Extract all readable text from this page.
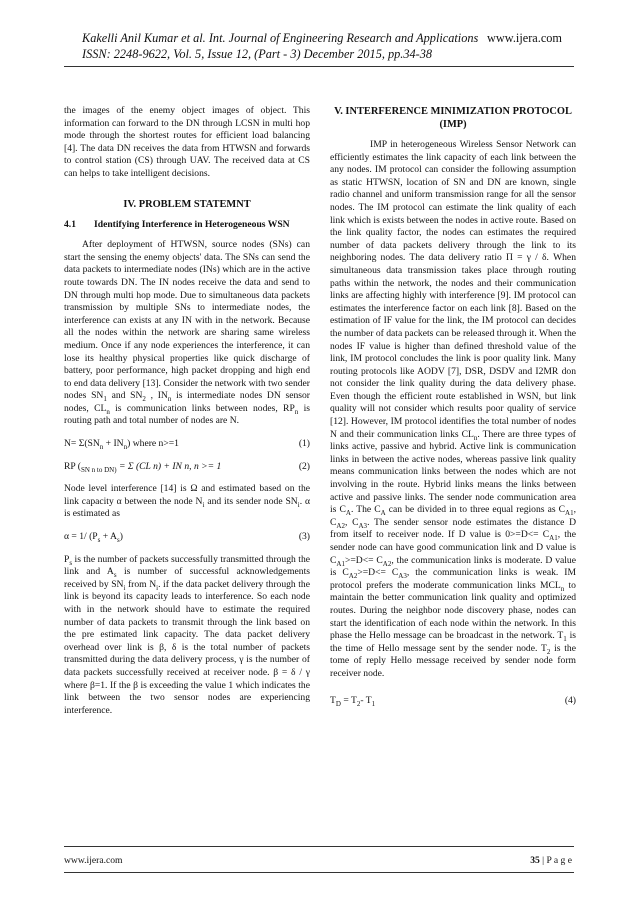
Kakelli Anil Kumar et al. Int. Journal of Engineering Research and Applications www.ijera.com
ISSN: 2248-9622, Vol. 5, Issue 12, (Part - 3) December 2015, pp.34-38

the images of the enemy object images of object. This information can forward to the DN through LCSN in multi hop mode through the shortest routes for efficient load balancing [4]. The data DN receives the data from HTWSN and forwards to control station (CS) through UAV. The received data at CS can helps to take intelligent decisions.

IV. PROBLEM STATEMNT
4.1	Identifying Interference in Heterogeneous WSN

After deployment of HTWSN, source nodes (SNs) can start the sensing the enemy objects' data. The SNs can send the data packets to intermediate nodes (INs) which are in the active route towards DN. The IN nodes receive the data and send to DN through multi hop mode. Due to simultaneous data packets transmission by multiple SNs to intermediate nodes, the interference can exists at any IN with in the network. Because all the nodes within the network are sharing same wireless medium. Once if any node experiences the interference, it can lose its healthy physical properties like quick discharge of battery, poor performance, high packet dropping and high end to end data delivery [13]. Consider the network with two sender nodes $SN_1$ and $SN_2$ , $IN_n$ is intermediate nodes DN sensor nodes, $CL_n$ is communication links between nodes, $RP_n$ is routing path and total number of nodes are N.

$N= \Sigma(SN_n + IN_n)$ where n>=1	(1)
RP ($_{SN n to DN)} = \Sigma$ (CL n) + IN n, n >= 1	(2)

Node level interference [14] is Ω and estimated based on the link capacity α between the node $N_i$ and its sender node $SN_i$. α is estimated as

α = 1/ $(P_s + A_s)$	(3)

$P_s$ is the number of packets successfully transmitted through the link and $A_s$ is number of successful acknowledgements received by $SN_i$ from $N_i$. if the data packet delivery through the link is beyond its capacity leads to interference. So each node with in the network should have to estimate the required number of data packets to transmit through the link based on the pre estimated link capacity. The data packet delivery overhead over link is β, δ is the total number of packets transmitted during the data delivery process, γ is the number of data packets successfully received at receiver node. β = δ / γ where β=1. If the β is exceeding the value 1 which indicates the link between the two sensor nodes are experiencing interference.

V. INTERFERENCE MINIMIZATION PROTOCOL (IMP)

IMP in heterogeneous Wireless Sensor Network can efficiently estimates the link capacity of each link between the any nodes. IM protocol can consider the following assumption as static HTWSN, location of SN and DN are known, single radio channel and uniform transmission range for all the sensor nodes. The IM protocol can estimate the link quality of each link which is exists between the nodes in active route. Based on the link quality factor, the nodes can estimates the required number of data packets delivery through the link to its neighboring nodes. The data delivery ratio Π = γ / δ. When simultaneous data transmission takes place through routing paths within the network, the nodes and their communication links are affecting highly with interference [9]. IM protocol can estimates the interference factor on each link [8]. Based on the estimation of IF value for the link, the IM protocol can decides the number of data packets can be released through it. When the nodes IF value is higher than defined threshold value of the link, IM protocol concludes the link is poor quality link. Many routing protocols like AODV [7], DSR, DSDV and I2MR don not consider the link quality during the data delivery phase. Even though the efficient route established in WSN, but link quality will not consider which results poor quality of service [12]. However, IM protocol identifies the total number of nodes N and their communication links $CL_n$. There are three types of links active, passive and hybrid. Active link is communication links in between the active nodes, whereas passive link quality means communication links between the nodes which are not involving in the route. Hybrid links means the links between active and passive links. The sender node communication area is $C_A$. The $C_A$ can be divided in to three equal regions as $C_{A1}$, $C_{A2}$, $C_{A3}$. The sender sensor node estimates the distance D from itself to receiver node. If D value is $0>=D<= C_{A1}$, the sender node can have good communication link and D value is $C_{A1}>=D<= C_{A2}$, the communication links is moderate. D value is $C_{A2}>=D<= C_{A3}$, the communication links is weak. IM protocol prefers the moderate communication links $MCL_n$ to maintain the better communication link quality and optimized routes. During the neighbor node discovery phase, nodes can start the identification of each node within the network. In this phase the Hello message can be broadcast in the network. $T_1$ is the time of Hello message sent by the sender node. $T_2$ is the tome of reply Hello message received by sender node form receiver node.

$T_D = T_2-$ $T_1$	(4)
www.ijera.com	35 | P a g e
